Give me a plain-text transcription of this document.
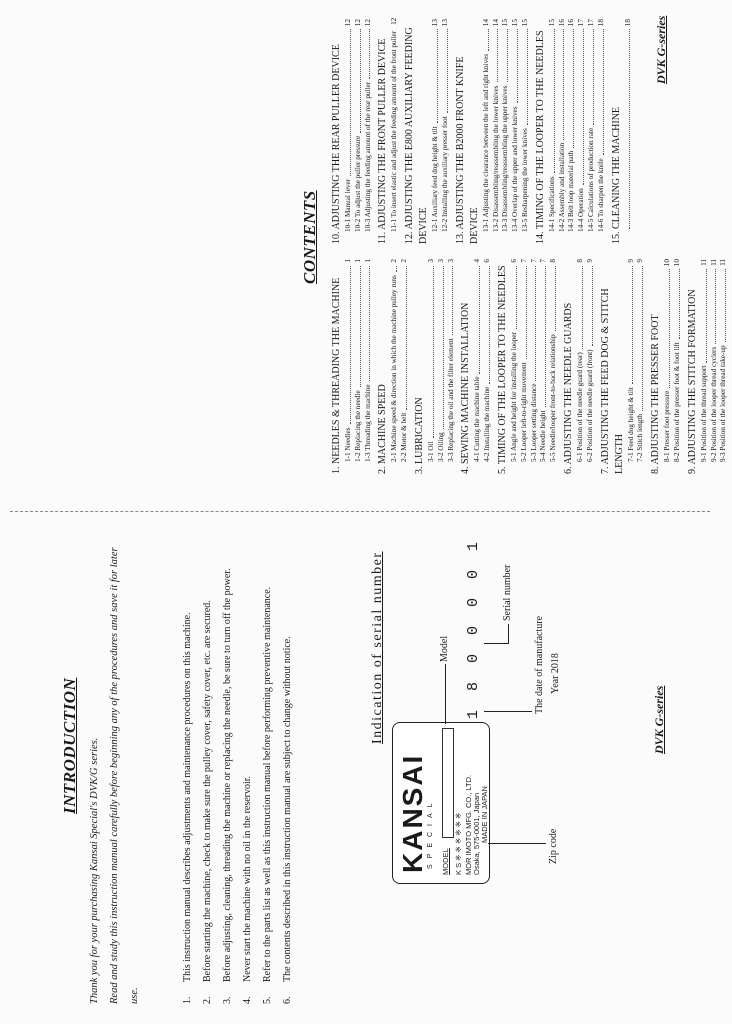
INTRODUCTION Thank you for your purchasing Kansai Special's DVK/G series. Read and study this instruction manual carefully before beginning any of the procedures and save it for later use.	1.
This instruction manual describes adjustments and maintenance procedures on this machine.
2.
Before starting the machine, check to make sure the pulley cover, safety cover, etc. are secured.
3.
Before adjusting, cleaning, threading the machine or replacing the needle, be sure to turn off the power.
4.
Never start the machine with no oil in the reservoir.
5.
Refer to the parts list as well as this instruction manual before performing preventive maintenance.
6.
The contents described in this instruction manual are subject to change without notice.	Indication of serial number
KANSAI SPECIAL MODEL K S ※ ※ ※ ※ ※ ※ MOR IMOTO MFG. CO., LTD. Osaka, 575-0001, Japan MADE IN JAPAN
Model 1 8 0 0 0 0 1 Serial number
The date of manufacture Year 2018
Zip code
DVK G-series
CONTENTS
1. NEEDLES & THREADING THE MACHINE 1-1 Needles
1
1-2 Replacing the needle
1
1-3 Threading the machine
1
2. MACHINE SPEED 2-1 Machine speed & direction in which the machine pulley runs
2
2-2 Motor & belt
2
3. LUBRICATION 3-1 Oil
3
3-2 Oiling
3
3-3 Replacing the oil and the filter element
3
4. SEWING MACHINE INSTALLATION 4-1 Cutting the machine table
4
4-2 Installing the machine
6
5. TIMING OF THE LOOPER TO THE NEEDLES 5-1 Angle and height for installing the looper
6
5-2 Looper left-to-right movement
7
5-3 Looper setting distance
7
5-4 Needle height
7
5-5 Needle/looper front-to-back relationship
8
6. ADJUSTING THE NEEDLE GUARDS 6-1 Position of the needle guard (rear)
8
6-2 Position of the needle guard (front)
9
7. ADJUSTING THE FEED DOG & STITCH LENGTH 7-1 Feed dog height & tilt
9
7-2 Stitch length
9
8. ADJUSTING THE PRESSER FOOT 8-1 Presser foot pressure
10
8-2 Position of the presser foot & foot lift
10
9. ADJUSTING THE STITCH FORMATION 9-1 Position of the thread support
11
9-2 Position of the looper thread cyclers
11
9-3 Position of the looper thread take-up
11
10. ADJUSTING THE REAR PULLER DEVICE 10-1 Manual lever
12
10-2 To adjust the puller pressure
12
10-3 Adjusting the feeding amount of the rear puller
12
11. ADJUSTING THE FRONT PULLER DEVICE 11-1 To insert elastic and adjust the feeding amount of the front puller
12
12. ADJUSTING THE E800 AUXILIARY FEEDING DEVICE 12-1 Auxiliary feed dog height & tilt
13
12-2 Installing the auxiliary presser foot
13
13. ADJUSTING THE B2000 FRONT KNIFE DEVICE 13-1 Adjusting the clearance between the left and right knives
14
13-2 Disassembling/reassembling the lower knives
14
13-3 Disassembling/reassembling the upper knives
15
13-4 Overlap of the upper and lower knives
15
13-5 Resharpening the lower knives
15
14. TIMING OF THE LOOPER TO THE NEEDLES 14-1 Specifications
15
14-2 Assembly and installation
16
14-3 Belt loop material path
16
14-4 Operation
17
14-5 Calculations of production rate
17
14-6 To sharpen the knife
18
15. CLEANING THE MACHINE
18 DVK G-series
